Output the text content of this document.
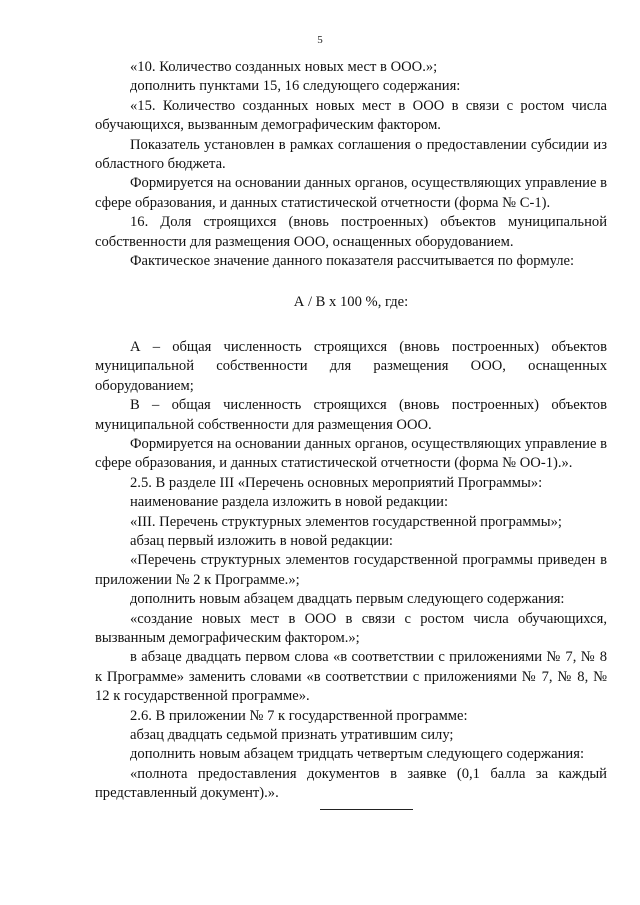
5

«10. Количество созданных новых мест в ООО.»;

дополнить пунктами 15, 16 следующего содержания:

«15. Количество созданных новых мест в ООО в связи с ростом числа обучающихся, вызванным демографическим фактором.

Показатель установлен в рамках соглашения о предоставлении субсидии из областного бюджета.

Формируется на основании данных органов, осуществляющих управление в сфере образования, и данных статистической отчетности (форма № С-1).

16. Доля строящихся (вновь построенных) объектов муниципальной собственности для размещения ООО, оснащенных оборудованием.

Фактическое значение данного показателя рассчитывается по формуле:

А / В x 100 %, где:

А – общая численность строящихся (вновь построенных) объектов муниципальной собственности для размещения ООО, оснащенных оборудованием;

В – общая численность строящихся (вновь построенных) объектов муниципальной собственности для размещения ООО.

Формируется на основании данных органов, осуществляющих управление в сфере образования, и данных статистической отчетности (форма № ОО-1).».

2.5. В разделе III «Перечень основных мероприятий Программы»:

наименование раздела изложить в новой редакции:

«III. Перечень структурных элементов государственной программы»;

абзац первый изложить в новой редакции:

«Перечень структурных элементов государственной программы приведен в приложении № 2 к Программе.»;

дополнить новым абзацем двадцать первым следующего содержания:

«создание новых мест в ООО в связи с ростом числа обучающихся, вызванным демографическим фактором.»;

в абзаце двадцать первом слова «в соответствии с приложениями № 7, № 8 к Программе» заменить словами «в соответствии с приложениями № 7, № 8, № 12 к государственной программе».

2.6. В приложении № 7 к государственной программе:

абзац двадцать седьмой признать утратившим силу;

дополнить новым абзацем тридцать четвертым следующего содержания:

«полнота предоставления документов в заявке (0,1 балла за каждый представленный документ).».
